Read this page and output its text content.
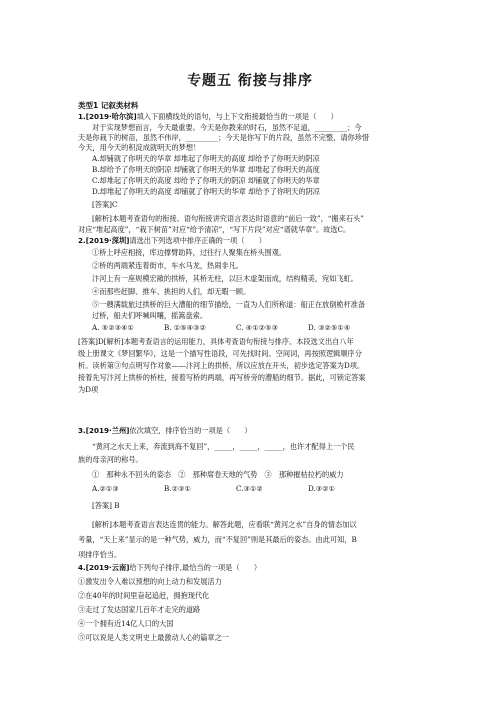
专题五 衔接与排序
类型1 记叙类材料
1.[2019·哈尔滨]填入下面横线处的语句，与上下文衔接最恰当的一项是（　　）
对于实现梦想而言，今天最重要。今天是你教来的时石，虽然不足道，_________；今
天是你栽下的树苗，虽然不伟岸，_________；今天是你写下的片段，虽然不完整，请你珍惜
今天，用今天的积淀成就明天的梦想！
A.却铺就了你明天的华章 却堆起了你明天的高度 却给予了你明天的阴凉
B.却给予了你明天的阴凉 却铺就了你明天的华章 却堆起了你明天的高度
C.却堆起了你明天的高度 却给予了你明天的阴凉 却铺就了你明天的华章
D.却堆起了你明天的高度 却铺就了你明天的华章 却给予了你明天的阴凉
[答案]C
[解析]本题考查语句的衔接。语句衔接讲究语言表达时语意的“前后一致”，“搬来石头”
对应“堆起高度”，“栽下树苗”对应“给予清凉”，“写下片段”对应“谱就华章”。故选C。
2.[2019·深圳]请选出下列选项中排序正确的一项（　　）
①桥上呼应相接，库边撑臂助阵，过往行人聚集在桥头围观。
②桥的两端紧连着街市，车水马龙，热闹非凡。
汴河上有一座规模宏敞的拱桥，其桥无柱，以巨木虚架而成，结构精美，宛如飞虹。
④而那些赶脚、推车、挑担的人们，却无暇一顾。
⑤一艘满载旅过拱桥的巨大漕船的细节描绘，一直为人们所称道：船正在放倒桅杆准备
过桥，船夫们呼喊叫嚷，摇篙盘索。
A. ⑤②③④①	B. ①⑤④③②	C. ④①②⑤③	D. ③②⑤①④
[答案]D[解析]本题考查语言的运用能力，具体考查语句衔接与排序。本段选文出自八年
级上册课文《梦回繁华》，这是一个描写性语段，可先找时间、空间词，再按照逻辑顺序分
析。读析第③句点明写作对象——汴河上的拱桥，所以应放在开头，初步选定答案为D项。
接着先写汴河上拱桥的桥柱，接着写桥的两端，再写桥旁的漕船的细节。据此，可锁定答案
为D项
3.[2019·兰州]依次填空，排序恰当的一项是（　　）
“黄河之水天上来，奔流到海不复回”，_____，_____，_____，也许才配得上一个民
族的母亲河的称号。
①　那种永不回头的姿态　②　那种席卷天地的气势　③　那种摧枯拉朽的威力
A.②①③	B.②③①	C.③①②	D.③②①
[答案] B
[解析]本题考查语言表达连贯的能力。解答此题，应看联“黄河之水”自身的情态加以
考量，“天上来”显示的是一种气势，威力，而“不复回”则是其最后的姿态。由此可知，B
项排序恰当。
4.[2019·云南]给下列句子排序,最恰当的一项是（　　）
①激发出令人难以预想的向上动力和发展活力
②在40年的时间里奋起追赶，拥抱现代化
③走过了发达国家几百年才走完的道路
④一个拥有近14亿人口的大国
⑤可以说是人类文明史上最激动人心的篇章之一
